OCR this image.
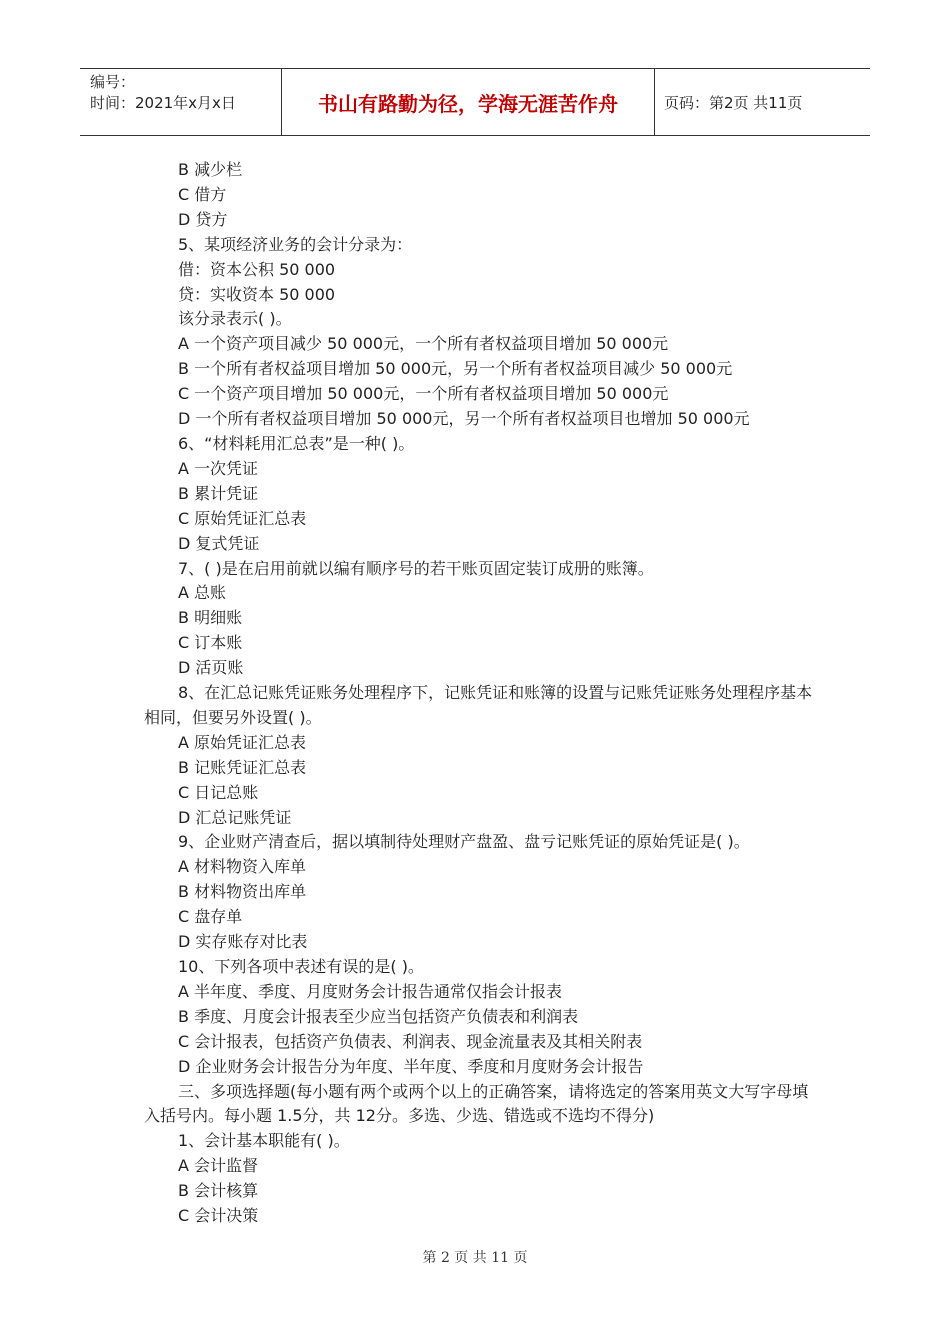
编号：
时间：2021年x月x日	书山有路勤为径，学海无涯苦作舟	页码：第2页 共11页
B 减少栏
C 借方
D 贷方
5、某项经济业务的会计分录为：
借：资本公积 50 000
贷：实收资本 50 000
该分录表示( )。
A 一个资产项目减少 50 000元，一个所有者权益项目增加 50 000元
B 一个所有者权益项目增加 50 000元，另一个所有者权益项目减少 50 000元
C 一个资产项目增加 50 000元，一个所有者权益项目增加 50 000元
D 一个所有者权益项目增加 50 000元，另一个所有者权益项目也增加 50 000元
6、“材料耗用汇总表”是一种( )。
A 一次凭证
B 累计凭证
C 原始凭证汇总表
D 复式凭证
7、( )是在启用前就以编有顺序号的若干账页固定装订成册的账簿。
A 总账
B 明细账
C 订本账
D 活页账
8、在汇总记账凭证账务处理程序下，记账凭证和账簿的设置与记账凭证账务处理程序基本相同，但要另外设置( )。
A 原始凭证汇总表
B 记账凭证汇总表
C 日记总账
D 汇总记账凭证
9、企业财产清查后，据以填制待处理财产盘盈、盘亏记账凭证的原始凭证是( )。
A 材料物资入库单
B 材料物资出库单
C 盘存单
D 实存账存对比表
10、下列各项中表述有误的是( )。
A 半年度、季度、月度财务会计报告通常仅指会计报表
B 季度、月度会计报表至少应当包括资产负债表和利润表
C 会计报表，包括资产负债表、利润表、现金流量表及其相关附表
D 企业财务会计报告分为年度、半年度、季度和月度财务会计报告
三、多项选择题(每小题有两个或两个以上的正确答案，请将选定的答案用英文大写字母填入括号内。每小题 1.5分，共 12分。多选、少选、错选或不选均不得分)
1、会计基本职能有( )。
A 会计监督
B 会计核算
C 会计决策
第 2 页 共 11 页
